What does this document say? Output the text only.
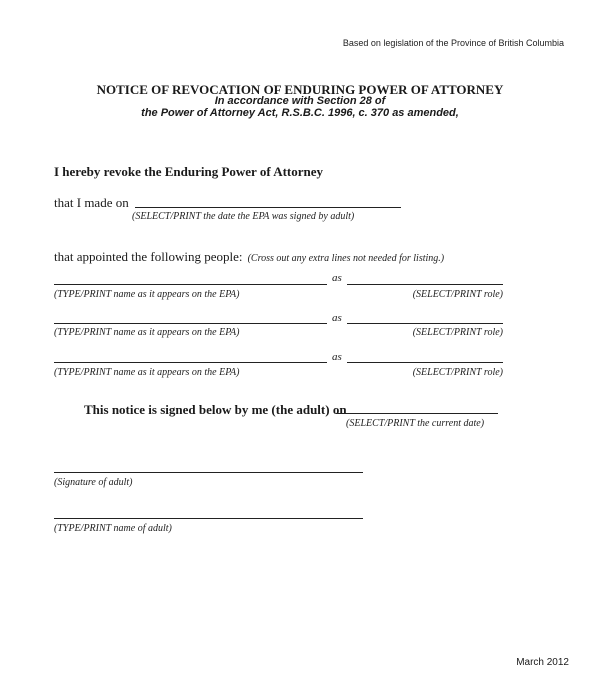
Based on legislation of the Province of British Columbia
NOTICE OF REVOCATION OF ENDURING POWER OF ATTORNEY
In accordance with Section 28 of
the Power of Attorney Act, R.S.B.C. 1996, c. 370 as amended,
I hereby revoke the Enduring Power of Attorney
that I made on
(SELECT/PRINT the date the EPA was signed by adult)
that appointed the following people: (Cross out any extra lines not needed for listing.)
as
(TYPE/PRINT name as it appears on the EPA)	(SELECT/PRINT role)
as
(TYPE/PRINT name as it appears on the EPA)	(SELECT/PRINT role)
as
(TYPE/PRINT name as it appears on the EPA)	(SELECT/PRINT role)
This notice is signed below by me (the adult) on
(SELECT/PRINT the current date)
(Signature of adult)
(TYPE/PRINT name of adult)
March 2012
